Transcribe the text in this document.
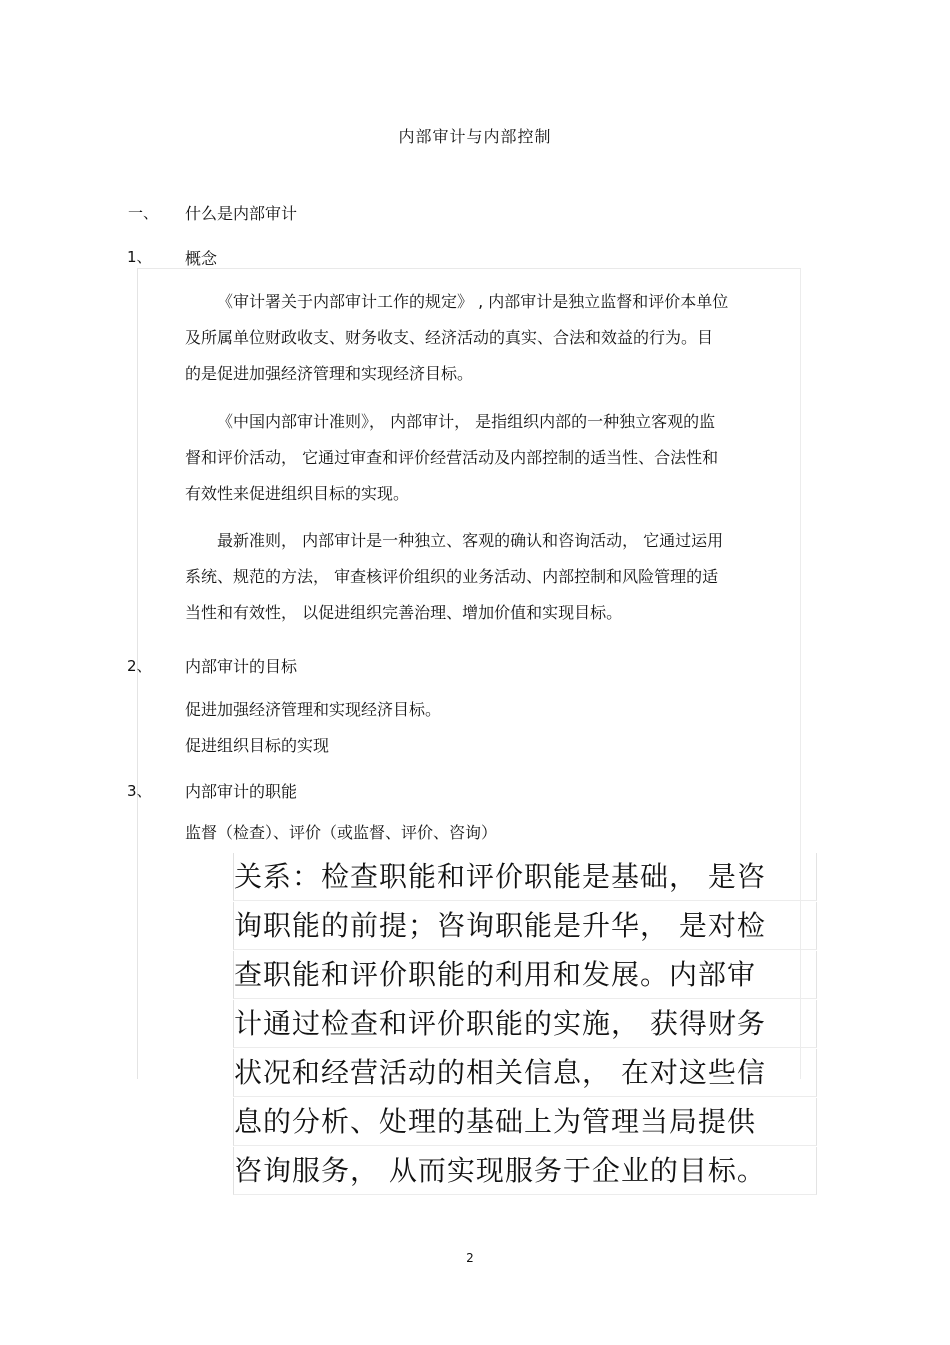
内部审计与内部控制
一、 什么是内部审计
1、 概念
《审计署关于内部审计工作的规定》 , 内部审计是独立监督和评价本单位
及所属单位财政收支、财务收支、经济活动的真实、合法和效益的行为。目
的是促进加强经济管理和实现经济目标。
《中国内部审计准则》， 内部审计， 是指组织内部的一种独立客观的监
督和评价活动， 它通过审查和评价经营活动及内部控制的适当性、合法性和
有效性来促进组织目标的实现。
最新准则， 内部审计是一种独立、客观的确认和咨询活动， 它通过运用
系统、规范的方法， 审查核评价组织的业务活动、内部控制和风险管理的适
当性和有效性， 以促进组织完善治理、增加价值和实现目标。
2、 内部审计的目标
促进加强经济管理和实现经济目标。
促进组织目标的实现
3、 内部审计的职能
监督（检查）、评价（或监督、评价、咨询）
关系：检查职能和评价职能是基础， 是咨
询职能的前提；咨询职能是升华， 是对检
查职能和评价职能的利用和发展。内部审
计通过检查和评价职能的实施， 获得财务
状况和经营活动的相关信息， 在对这些信
息的分析、处理的基础上为管理当局提供
咨询服务， 从而实现服务于企业的目标。
2
